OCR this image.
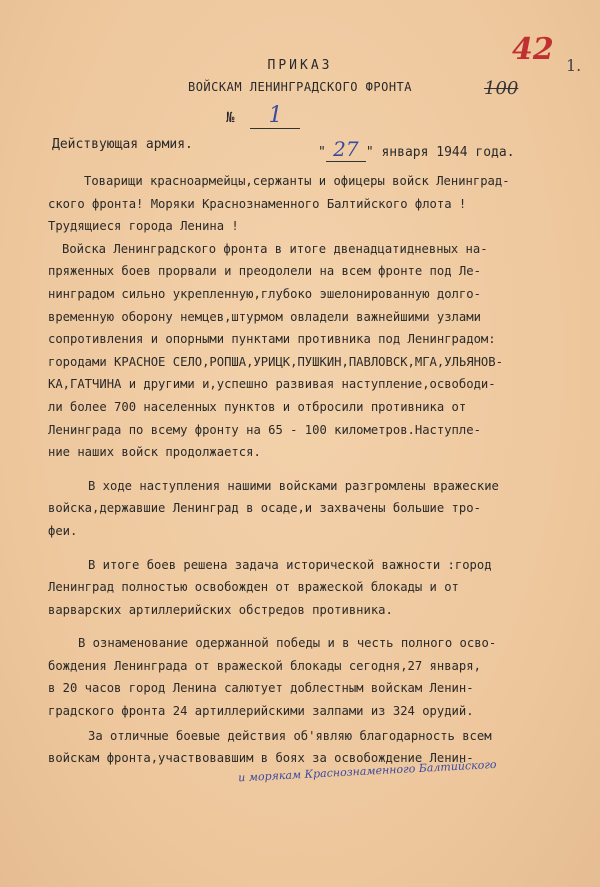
42 1.
100
ПРИКАЗ
ВОЙСКАМ ЛЕНИНГРАДСКОГО ФРОНТА
№ 1
Действующая армия.
" 27 " января 1944 года.

Товарищи красноармейцы,сержанты и офицеры войск Ленинград-

ского фронта! Моряки Краснознаменного Балтийского флота !

Трудящиеся города Ленина !

Войска Ленинградского фронта в итоге двенадцатидневных на-

пряженных боев прорвали и преодолели на всем фронте под Ле-

нинградом сильно укрепленную,глубоко эшелонированную долго-

временную оборону немцев,штурмом овладели важнейшими узлами

сопротивления и опорными пунктами противника под Ленинградом:

городами КРАСНОЕ СЕЛО,РОПША,УРИЦК,ПУШКИН,ПАВЛОВСК,МГА,УЛЬЯНОВ-

КА,ГАТЧИНА и другими и,успешно развивая наступление,освободи-

ли более 700 населенных пунктов и отбросили противника от

Ленинграда по всему фронту на 65 - 100 километров.Наступле-

ние наших войск продолжается.

В ходе наступления нашими войсками разгромлены вражеские

войска,державшие Ленинград в осаде,и захвачены большие тро-

феи.

В итоге боев решена задача исторической важности :город

Ленинград полностью освобожден от вражеской блокады и от

варварских артиллерийских обстредов противника.

В ознаменование одержанной победы и в честь полного осво-

бождения Ленинграда от вражеской блокады сегодня,27 января,

в 20 часов город Ленина салютует доблестным войскам Ленин-

градского фронта 24 артиллерийскими залпами из 324 орудий.

За отличные боевые действия об'являю благодарность всем

войскам фронта,участвовавшим в боях за освобождение Ленин-

и морякам Краснознаменного Балтийского
